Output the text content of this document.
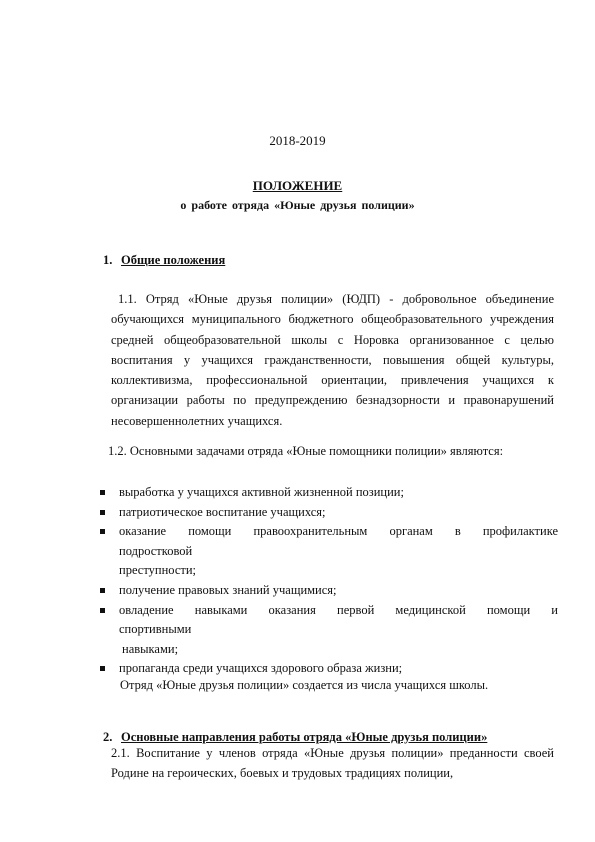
2018-2019
ПОЛОЖЕНИЕ
о работе отряда «Юные друзья полиции»
1. Общие положения

1.1. Отряд «Юные друзья полиции» (ЮДП) - добровольное объединение обучающихся муниципального бюджетного общеобразовательного учреждения средней общеобразовательной школы с Норовка организованное с целью воспитания у учащихся гражданственности, повышения общей культуры, коллективизма, профессиональной ориентации, привлечения учащихся к организации работы по предупреждению безнадзорности и правонарушений несовершеннолетних учащихся.

1.2. Основными задачами отряда «Юные помощники полиции» являются:

выработка у учащихся активной жизненной позиции;
патриотическое воспитание учащихся;
оказание помощи правоохранительным органам в профилактике
подростковой
преступности;
получение правовых знаний учащимися;
овладение навыками оказания первой медицинской помощи и
спортивными
навыками;
пропаганда среди учащихся здорового образа жизни;
Отряд «Юные друзья полиции» создается из числа учащихся школы.
2. Основные направления работы отряда «Юные друзья полиции»

2.1. Воспитание у членов отряда «Юные друзья полиции» преданности своей Родине на героических, боевых и трудовых традициях полиции,
